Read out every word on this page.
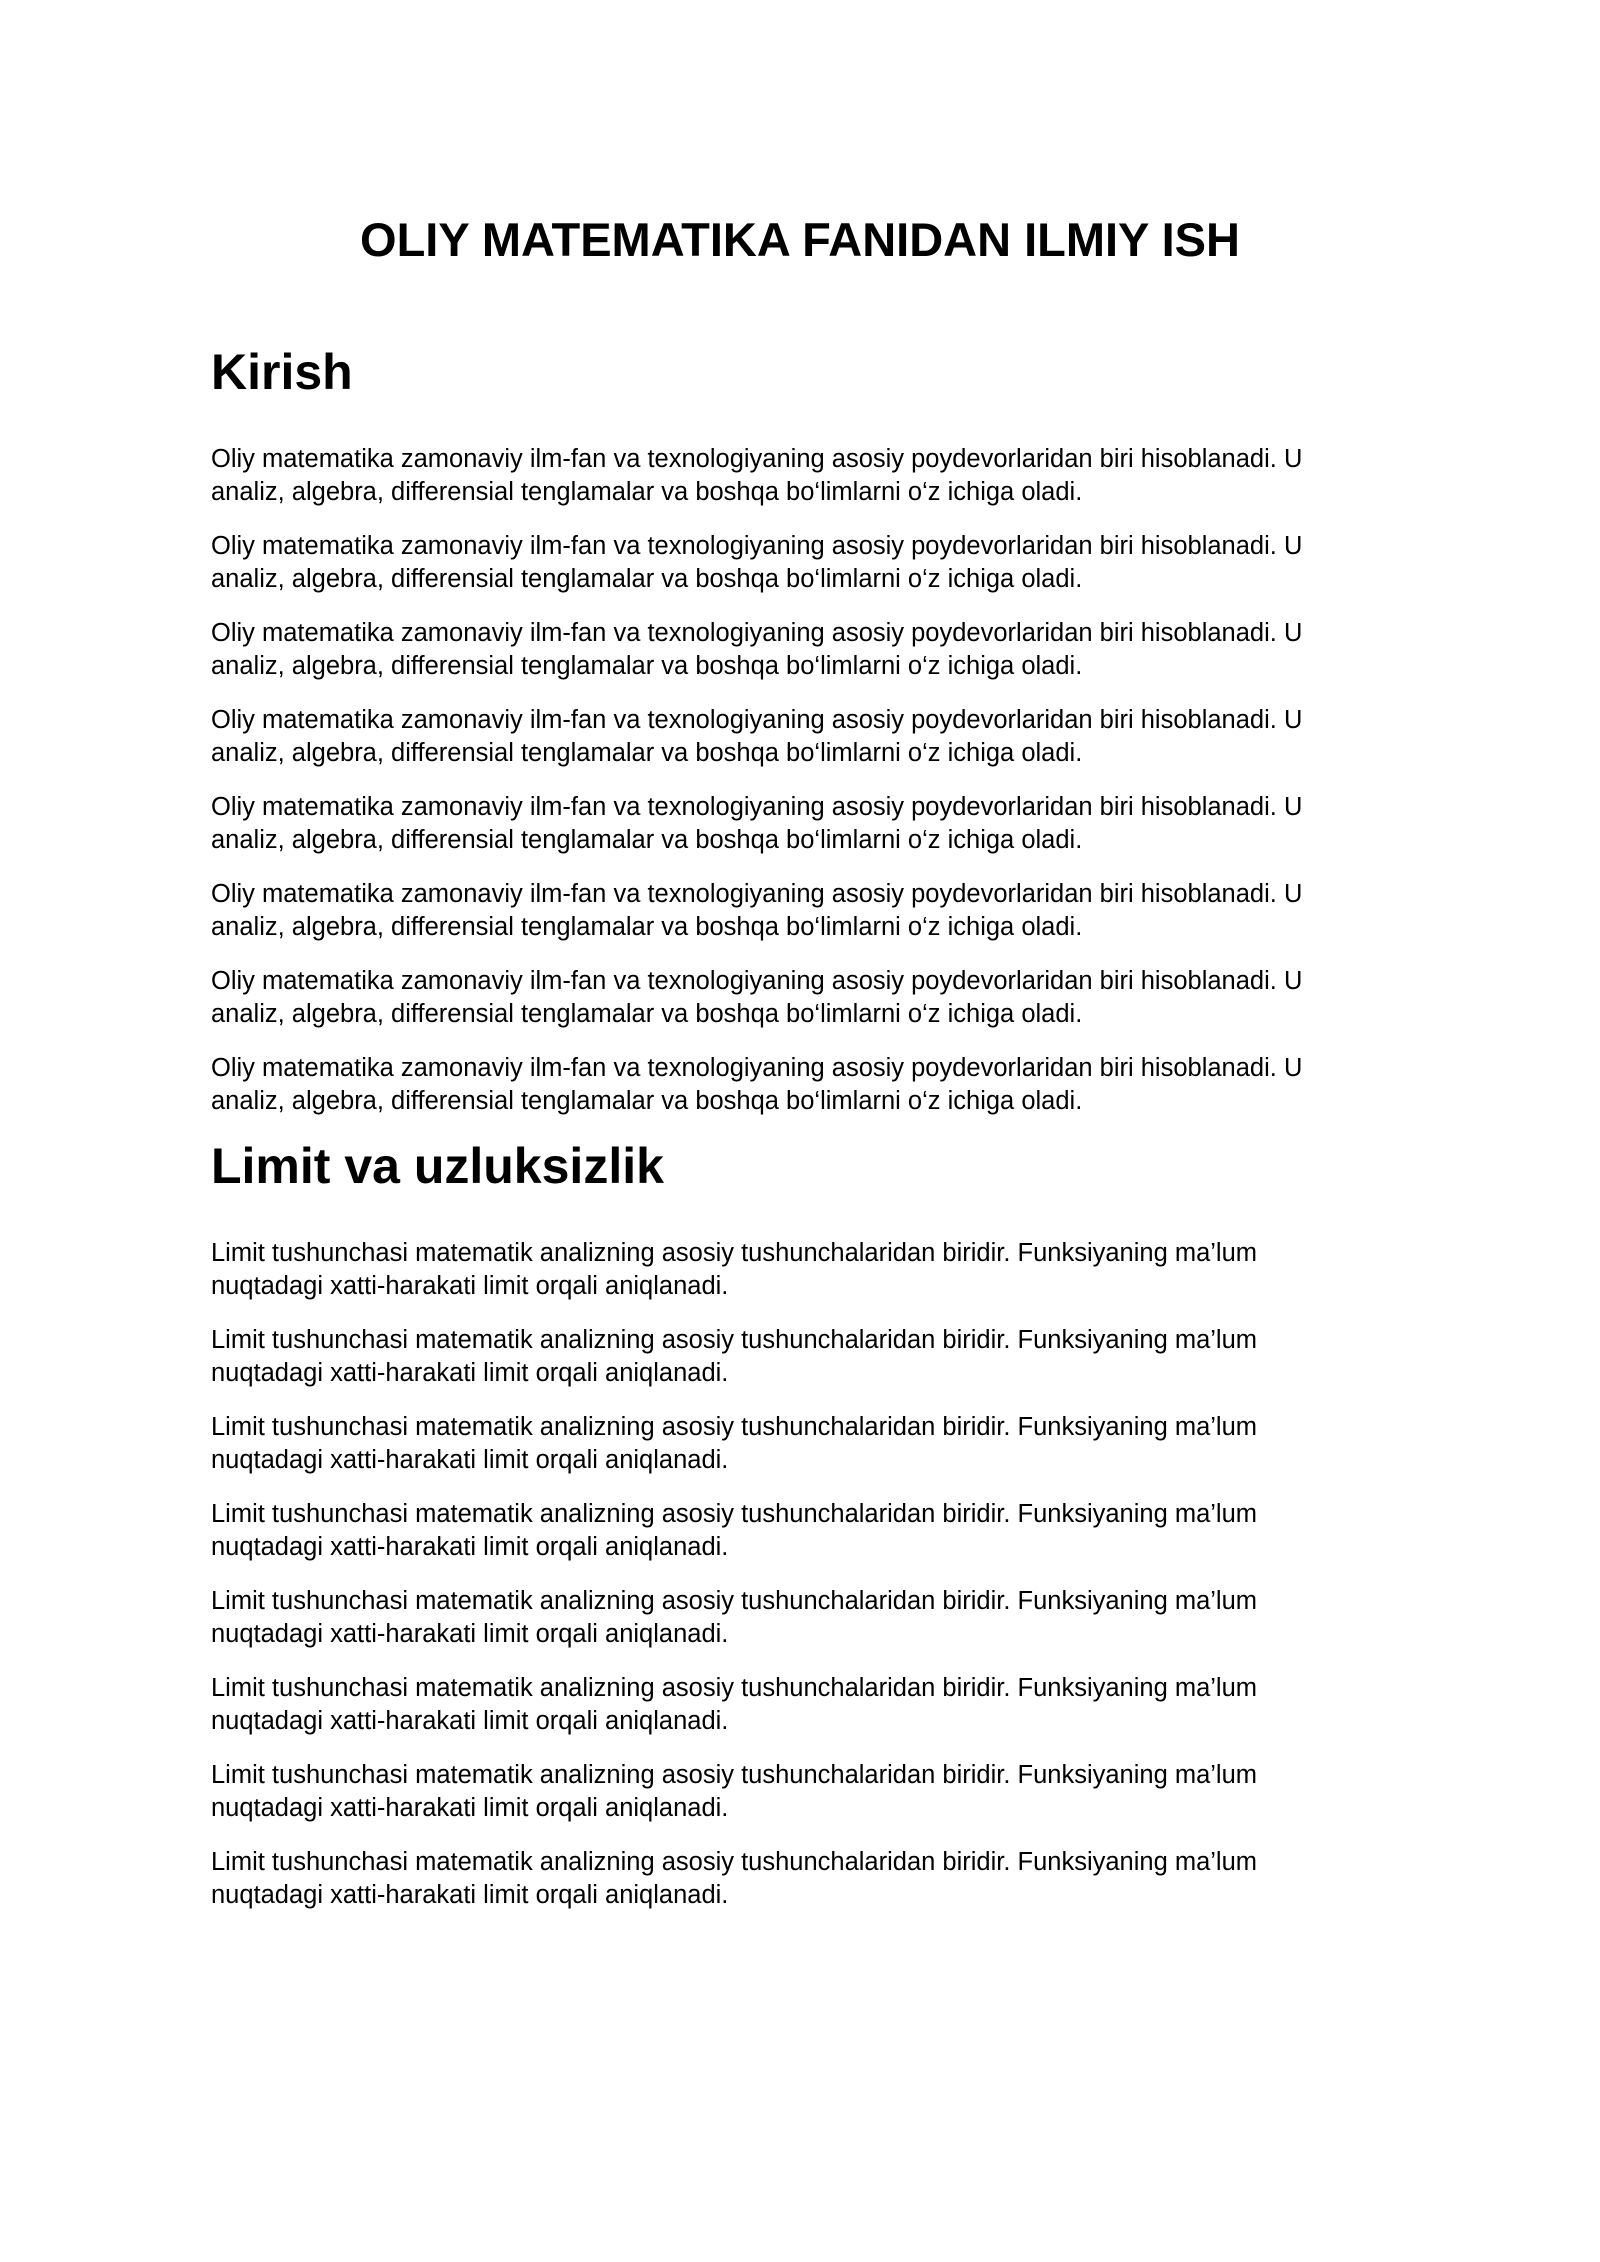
OLIY MATEMATIKA FANIDAN ILMIY ISH
Kirish

Oliy matematika zamonaviy ilm-fan va texnologiyaning asosiy poydevorlaridan biri hisoblanadi. U
analiz, algebra, differensial tenglamalar va boshqa bo‘limlarni o‘z ichiga oladi.

Oliy matematika zamonaviy ilm-fan va texnologiyaning asosiy poydevorlaridan biri hisoblanadi. U
analiz, algebra, differensial tenglamalar va boshqa bo‘limlarni o‘z ichiga oladi.

Oliy matematika zamonaviy ilm-fan va texnologiyaning asosiy poydevorlaridan biri hisoblanadi. U
analiz, algebra, differensial tenglamalar va boshqa bo‘limlarni o‘z ichiga oladi.

Oliy matematika zamonaviy ilm-fan va texnologiyaning asosiy poydevorlaridan biri hisoblanadi. U
analiz, algebra, differensial tenglamalar va boshqa bo‘limlarni o‘z ichiga oladi.

Oliy matematika zamonaviy ilm-fan va texnologiyaning asosiy poydevorlaridan biri hisoblanadi. U
analiz, algebra, differensial tenglamalar va boshqa bo‘limlarni o‘z ichiga oladi.

Oliy matematika zamonaviy ilm-fan va texnologiyaning asosiy poydevorlaridan biri hisoblanadi. U
analiz, algebra, differensial tenglamalar va boshqa bo‘limlarni o‘z ichiga oladi.

Oliy matematika zamonaviy ilm-fan va texnologiyaning asosiy poydevorlaridan biri hisoblanadi. U
analiz, algebra, differensial tenglamalar va boshqa bo‘limlarni o‘z ichiga oladi.

Oliy matematika zamonaviy ilm-fan va texnologiyaning asosiy poydevorlaridan biri hisoblanadi. U
analiz, algebra, differensial tenglamalar va boshqa bo‘limlarni o‘z ichiga oladi.

Limit va uzluksizlik

Limit tushunchasi matematik analizning asosiy tushunchalaridan biridir. Funksiyaning ma’lum
nuqtadagi xatti-harakati limit orqali aniqlanadi.

Limit tushunchasi matematik analizning asosiy tushunchalaridan biridir. Funksiyaning ma’lum
nuqtadagi xatti-harakati limit orqali aniqlanadi.

Limit tushunchasi matematik analizning asosiy tushunchalaridan biridir. Funksiyaning ma’lum
nuqtadagi xatti-harakati limit orqali aniqlanadi.

Limit tushunchasi matematik analizning asosiy tushunchalaridan biridir. Funksiyaning ma’lum
nuqtadagi xatti-harakati limit orqali aniqlanadi.

Limit tushunchasi matematik analizning asosiy tushunchalaridan biridir. Funksiyaning ma’lum
nuqtadagi xatti-harakati limit orqali aniqlanadi.

Limit tushunchasi matematik analizning asosiy tushunchalaridan biridir. Funksiyaning ma’lum
nuqtadagi xatti-harakati limit orqali aniqlanadi.

Limit tushunchasi matematik analizning asosiy tushunchalaridan biridir. Funksiyaning ma’lum
nuqtadagi xatti-harakati limit orqali aniqlanadi.

Limit tushunchasi matematik analizning asosiy tushunchalaridan biridir. Funksiyaning ma’lum
nuqtadagi xatti-harakati limit orqali aniqlanadi.
